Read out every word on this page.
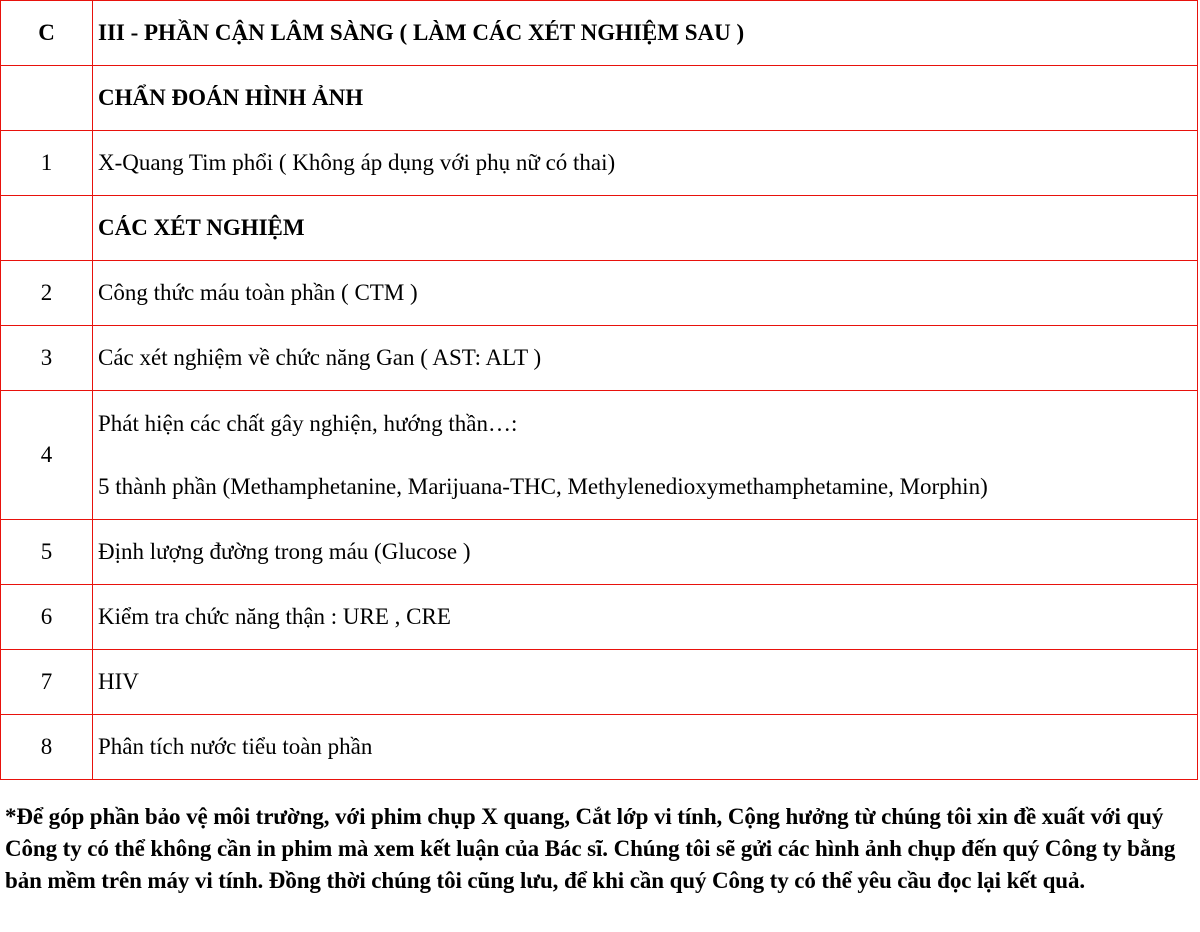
C	III - PHẦN CẬN LÂM SÀNG ( LÀM CÁC XÉT NGHIỆM SAU )
	CHẨN ĐOÁN HÌNH ẢNH
1	X-Quang Tim phổi ( Không áp dụng với phụ nữ có thai)
	CÁC XÉT NGHIỆM
2	Công thức máu toàn phần ( CTM )
3	Các xét nghiệm về chức năng Gan ( AST: ALT )
4	Phát hiện các chất gây nghiện, hướng thần…:
5 thành phần (Methamphetanine, Marijuana-THC, Methylenedioxymethamphetamine, Morphin)

5	Định lượng đường trong máu (Glucose )
6	Kiểm tra chức năng thận : URE , CRE
7	HIV
8	Phân tích nước tiểu toàn phần
*Để góp phần bảo vệ môi trường, với phim chụp X quang, Cắt lớp vi tính, Cộng hưởng từ chúng tôi xin đề xuất với quý Công ty có thể không cần in phim mà xem kết luận của Bác sĩ. Chúng tôi sẽ gửi các hình ảnh chụp đến quý Công ty bằng bản mềm trên máy vi tính. Đồng thời chúng tôi cũng lưu, để khi cần quý Công ty có thể yêu cầu đọc lại kết quả.
